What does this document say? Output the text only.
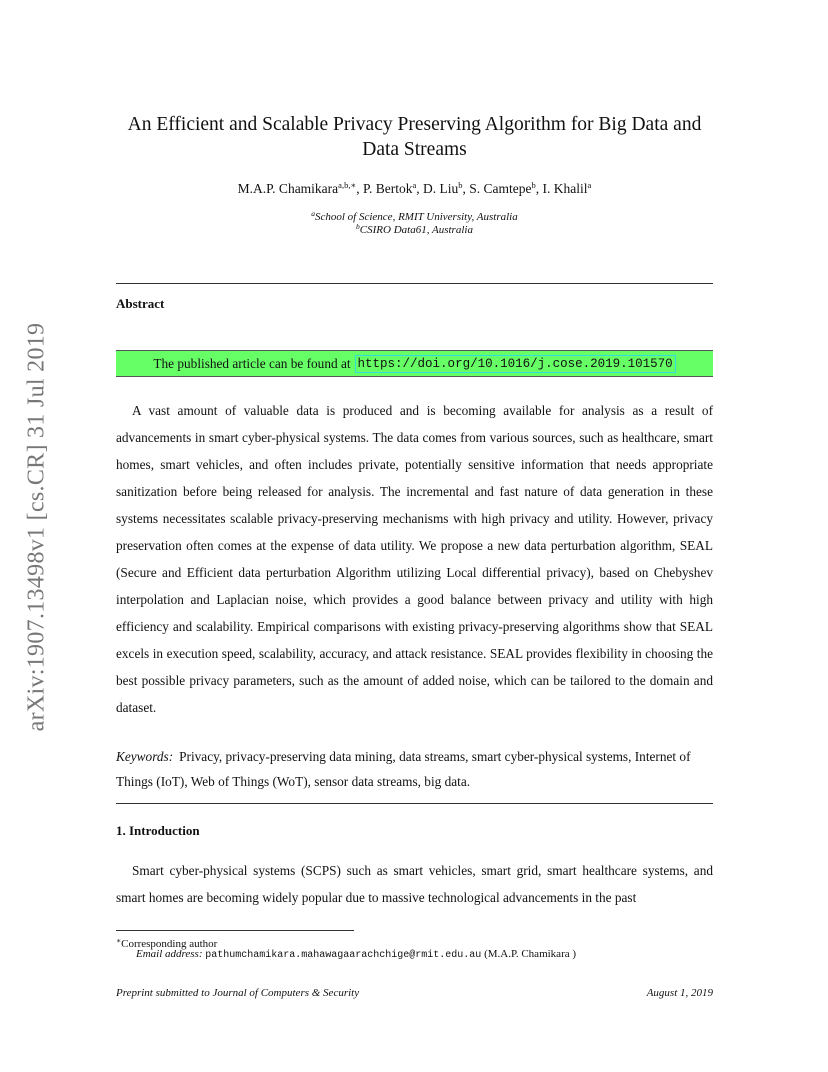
arXiv:1907.13498v1 [cs.CR] 31 Jul 2019
An Efficient and Scalable Privacy Preserving Algorithm for Big Data and Data Streams
M.A.P. Chamikara$^{a,b,∗}$, P. Bertok$^a$, D. Liu$^b$, S. Camtepe$^b$, I. Khalil$^a$
$^a$School of Science, RMIT University, Australia
$^b$CSIRO Data61, Australia
Abstract
The published article can be found at https://doi.org/10.1016/j.cose.2019.101570

A vast amount of valuable data is produced and is becoming available for analysis as a result of advancements in smart cyber-physical systems. The data comes from various sources, such as healthcare, smart homes, smart vehicles, and often includes private, potentially sensitive information that needs appropriate sanitization before being released for analysis. The incremental and fast nature of data generation in these systems necessitates scalable privacy-preserving mechanisms with high privacy and utility. However, privacy preservation often comes at the expense of data utility. We propose a new data perturbation algorithm, SEAL (Secure and Efficient data perturbation Algorithm utilizing Local differential privacy), based on Chebyshev interpolation and Laplacian noise, which provides a good balance between privacy and utility with high efficiency and scalability. Empirical comparisons with existing privacy-preserving algorithms show that SEAL excels in execution speed, scalability, accuracy, and attack resistance. SEAL provides flexibility in choosing the best possible privacy parameters, such as the amount of added noise, which can be tailored to the domain and dataset.

Keywords: Privacy, privacy-preserving data mining, data streams, smart cyber-physical systems, Internet of Things (IoT), Web of Things (WoT), sensor data streams, big data.

1. Introduction

Smart cyber-physical systems (SCPS) such as smart vehicles, smart grid, smart healthcare systems, and smart homes are becoming widely popular due to massive technological advancements in the past

∗Corresponding author
Email address: pathumchamikara.mahawagaarachchige@rmit.edu.au (M.A.P. Chamikara )
Preprint submitted to Journal of Computers & Security	August 1, 2019
